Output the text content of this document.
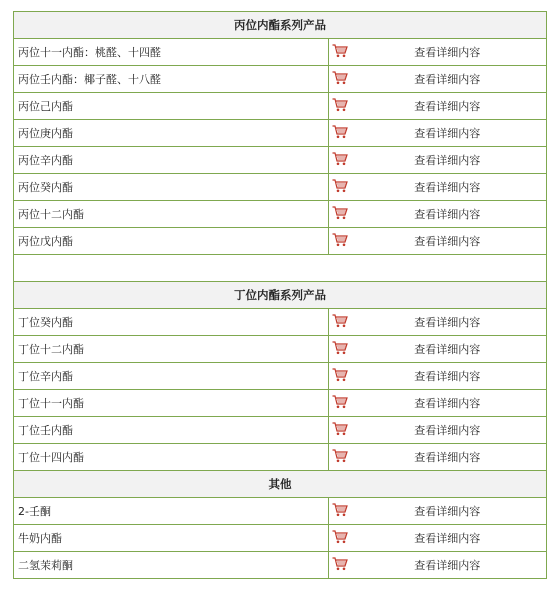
丙位内酯系列产品		
丙位十一内酯：桃醛、十四醛		查看详细内容
丙位壬内酯：椰子醛、十八醛		查看详细内容
丙位己内酯		查看详细内容
丙位庚内酯		查看详细内容
丙位辛内酯		查看详细内容
丙位癸内酯		查看详细内容
丙位十二内酯		查看详细内容
丙位戊内酯		查看详细内容

丁位内酯系列产品		
丁位癸内酯		查看详细内容
丁位十二内酯		查看详细内容
丁位辛内酯		查看详细内容
丁位十一内酯		查看详细内容
丁位壬内酯		查看详细内容
丁位十四内酯		查看详细内容
其他		
2-壬酮		查看详细内容
牛奶内酯		查看详细内容
二氢茉莉酮		查看详细内容
